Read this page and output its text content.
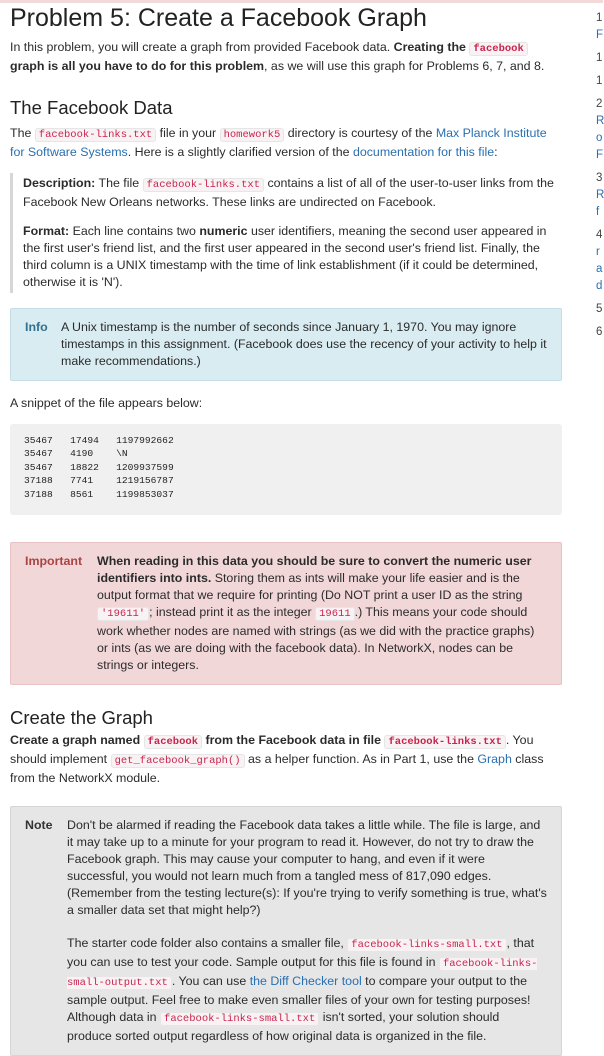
Problem 5: Create a Facebook Graph

In this problem, you will create a graph from provided Facebook data. Creating the facebook graph is all you have to do for this problem, as we will use this graph for Problems 6, 7, and 8.

The Facebook Data

The facebook-links.txt file in your homework5 directory is courtesy of the Max Planck Institute for Software Systems. Here is a slightly clarified version of the documentation for this file:

Description: The file facebook-links.txt contains a list of all of the user-to-user links from the Facebook New Orleans networks. These links are undirected on Facebook.

Format: Each line contains two numeric user identifiers, meaning the second user appeared in the first user's friend list, and the first user appeared in the second user's friend list. Finally, the third column is a UNIX timestamp with the time of link establishment (if it could be determined, otherwise it is 'N').

Info	A Unix timestamp is the number of seconds since January 1, 1970. You may ignore timestamps in this assignment. (Facebook does use the recency of your activity to help it make recommendations.)

A snippet of the file appears below:

35467	17494	1197992662
35467	4190	\N
35467	18822	1209937599
37188	7741	1219156787
37188	8561	1199853037
Important	When reading in this data you should be sure to convert the numeric user identifiers into ints. Storing them as ints will make your life easier and is the output format that we require for printing (Do NOT print a user ID as the string '19611' ; instead print it as the integer 19611 .) This means your code should work whether nodes are named with strings (as we did with the practice graphs) or ints (as we are doing with the facebook data). In NetworkX, nodes can be strings or integers.
Create the Graph

Create a graph named facebook from the Facebook data in file facebook-links.txt . You should implement get_facebook_graph() as a helper function. As in Part 1, use the Graph class from the NetworkX module.

Note	Don't be alarmed if reading the Facebook data takes a little while. The file is large, and it may take up to a minute for your program to read it. However, do not try to draw the Facebook graph. This may cause your computer to hang, and even if it were successful, you would not learn much from a tangled mess of 817,090 edges. (Remember from the testing lecture(s): If you're trying to verify something is true, what's a smaller data set that might help?)

The starter code folder also contains a smaller file, facebook-links-small.txt , that you can use to test your code. Sample output for this file is found in facebook-links-small-output.txt . You can use the Diff Checker tool to compare your output to the sample output. Feel free to make even smaller files of your own for testing purposes! Although data in facebook-links-small.txt isn't sorted, your solution should produce sorted output regardless of how original data is organized in the file.

1
F
1
1
2
R
o
F
3
R
f
4
r
a
d
5
6
